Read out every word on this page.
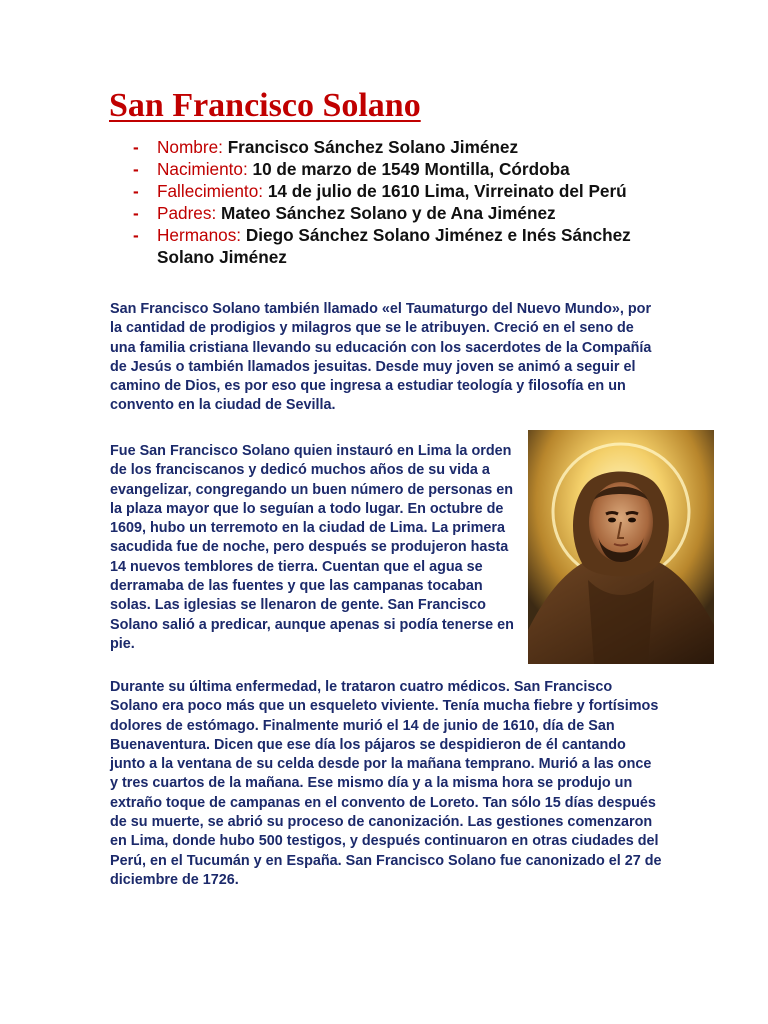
San Francisco Solano
- Nombre: Francisco Sánchez Solano Jiménez
- Nacimiento: 10 de marzo de 1549 Montilla, Córdoba
- Fallecimiento: 14 de julio de 1610 Lima, Virreinato del Perú
- Padres: Mateo Sánchez Solano y de Ana Jiménez
- Hermanos: Diego Sánchez Solano Jiménez e Inés Sánchez Solano Jiménez

San Francisco Solano también llamado «el Taumaturgo del Nuevo Mundo», por la cantidad de prodigios y milagros que se le atribuyen. Creció en el seno de una familia cristiana llevando su educación con los sacerdotes de la Compañía de Jesús o también llamados jesuitas. Desde muy joven se animó a seguir el camino de Dios, es por eso que ingresa a estudiar teología y filosofía en un convento en la ciudad de Sevilla.

Fue San Francisco Solano quien instauró en Lima la orden de los franciscanos y dedicó muchos años de su vida a evangelizar, congregando un buen número de personas en la plaza mayor que lo seguían a todo lugar. En octubre de 1609, hubo un terremoto en la ciudad de Lima. La primera sacudida fue de noche, pero después se produjeron hasta 14 nuevos temblores de tierra. Cuentan que el agua se derramaba de las fuentes y que las campanas tocaban solas. Las iglesias se llenaron de gente. San Francisco Solano salió a predicar, aunque apenas si podía tenerse en pie.

Durante su última enfermedad, le trataron cuatro médicos. San Francisco Solano era poco más que un esqueleto viviente. Tenía mucha fiebre y fortísimos dolores de estómago. Finalmente murió el 14 de junio de 1610, día de San Buenaventura. Dicen que ese día los pájaros se despidieron de él cantando junto a la ventana de su celda desde por la mañana temprano. Murió a las once y tres cuartos de la mañana. Ese mismo día y a la misma hora se produjo un extraño toque de campanas en el convento de Loreto. Tan sólo 15 días después de su muerte, se abrió su proceso de canonización. Las gestiones comenzaron en Lima, donde hubo 500 testigos, y después continuaron en otras ciudades del Perú, en el Tucumán y en España. San Francisco Solano fue canonizado el 27 de diciembre de 1726.
